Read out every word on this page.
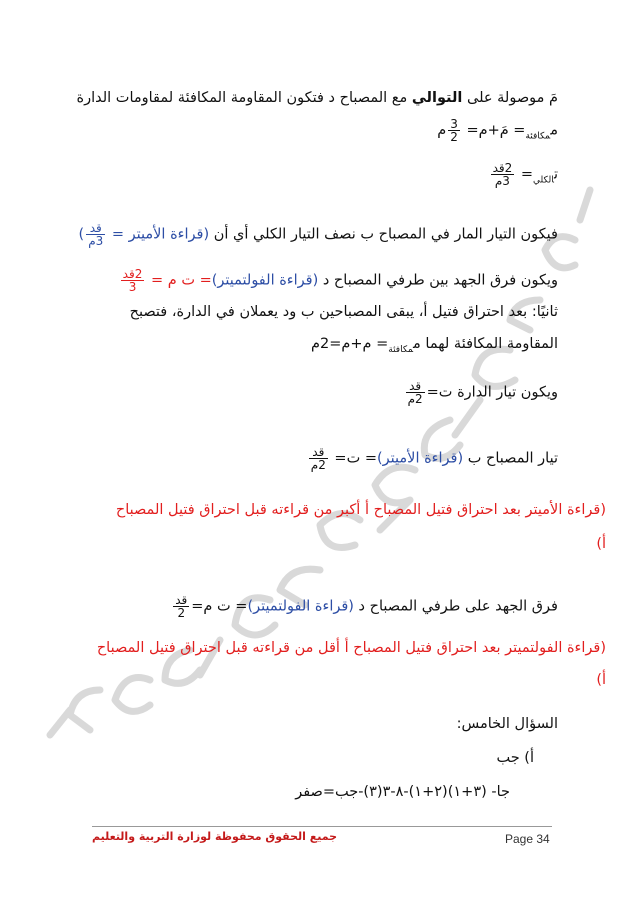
مَ موصولة على التوالي مع المصباح د فتكون المقاومة المكافئة لمقاومات الدارة
م$_{مكافئة}$= مَ+م=
$\frac{3}{2}$
م
ت$_{الكلي}$=
$\frac{\text{2قد}}{\text{3م}}$
فيكون التيار المار في المصباح ب نصف التيار الكلي أي أن (قراءة الأميتر =
$\frac{\text{قد}}{\text{3م}}$
)
ويكون فرق الجهد بين طرفي المصباح د (قراءة الفولتميتر)= ت م =
$\frac{\text{2قد}}{3}$
ثانيًا: بعد احتراق فتيل أ، يبقى المصباحين ب ود يعملان في الدارة، فتصبح
المقاومة المكافئة لهما م$_{مكافئة}$= م+م=2م
ويكون تيار الدارة ت=
$\frac{\text{قد}}{\text{2م}}$
تيار المصباح ب (قراءة الأميتر)= ت=
$\frac{\text{قد}}{\text{2م}}$
(قراءة الأميتر بعد احتراق فتيل المصباح أ أكبر من قراءته قبل احتراق فتيل المصباح
أ)
فرق الجهد على طرفي المصباح د (قراءة الفولتميتر)= ت م=
$\frac{\text{قد}}{2}$
(قراءة الفولتميتر بعد احتراق فتيل المصباح أ أقل من قراءته قبل احتراق فتيل المصباح
أ)
السؤال الخامس:
أ) جب
جا- (٣+١)(٢+١)-٨-٣(٣)-جب=صفر
Page 34
جميع الحقوق محفوظة لوزارة التربية والتعليم
